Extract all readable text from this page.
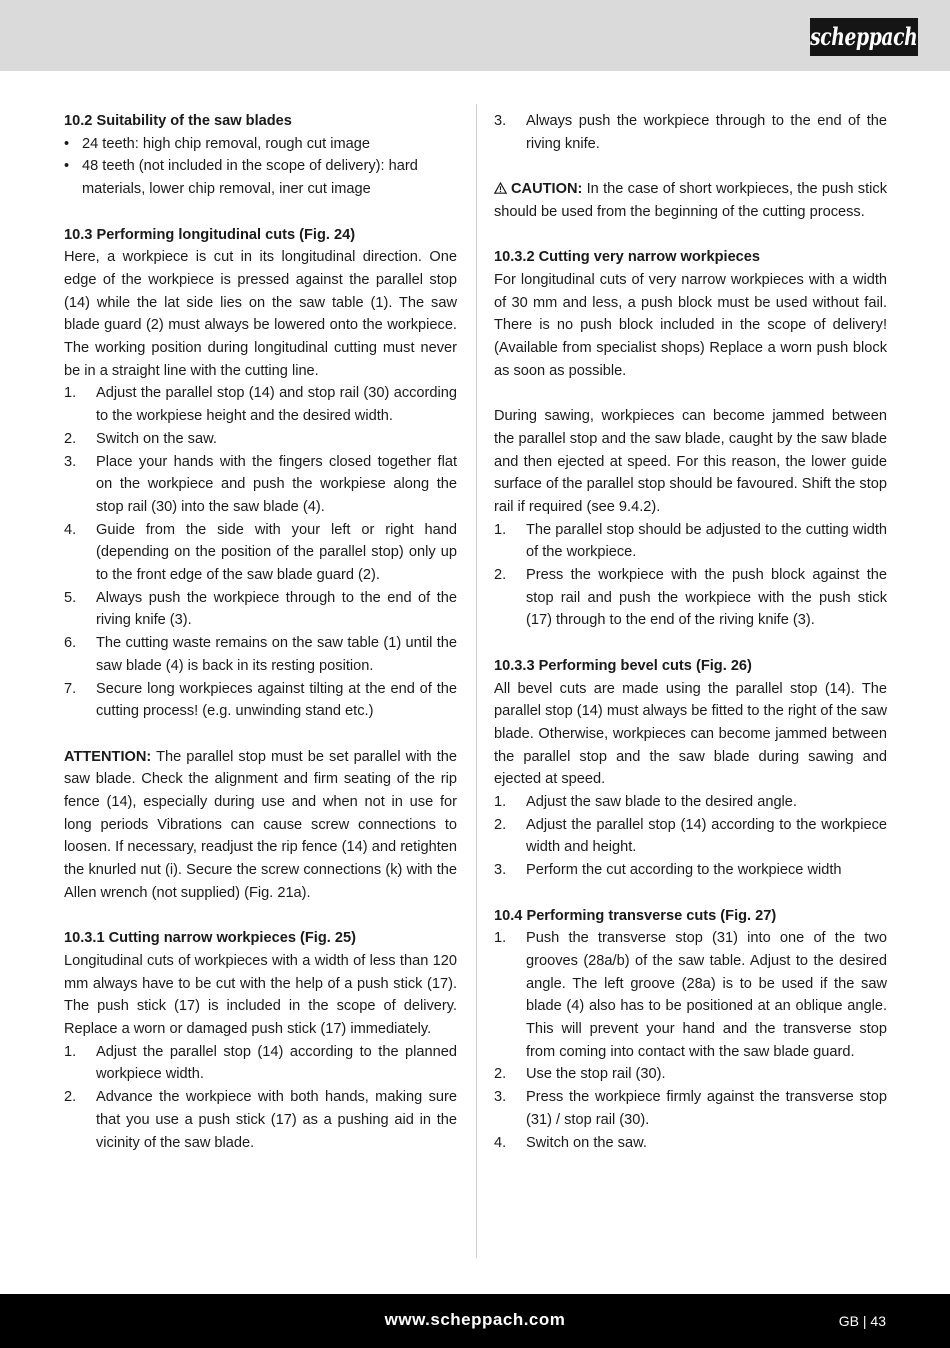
scheppach

10.2 Suitability of the saw blades

• 24 teeth: high chip removal, rough cut image
• 48 teeth (not included in the scope of delivery): hard materials, lower chip removal, iner cut image

10.3 Performing longitudinal cuts (Fig. 24)

Here, a workpiece is cut in its longitudinal direction. One edge of the workpiece is pressed against the parallel stop (14) while the lat side lies on the saw table (1). The saw blade guard (2) must always be lowered onto the workpiece. The working position during longitudinal cutting must never be in a straight line with the cutting line.

1. Adjust the parallel stop (14) and stop rail (30) according to the workpiese height and the desired width.
2. Switch on the saw.
3. Place your hands with the fingers closed together flat on the workpiece and push the workpiese along the stop rail (30) into the saw blade (4).
4. Guide from the side with your left or right hand (depending on the position of the parallel stop) only up to the front edge of the saw blade guard (2).
5. Always push the workpiece through to the end of the riving knife (3).
6. The cutting waste remains on the saw table (1) until the saw blade (4) is back in its resting position.
7. Secure long workpieces against tilting at the end of the cutting process! (e.g. unwinding stand etc.)

ATTENTION: The parallel stop must be set parallel with the saw blade. Check the alignment and firm seating of the rip fence (14), especially during use and when not in use for long periods Vibrations can cause screw connections to loosen. If necessary, readjust the rip fence (14) and retighten the knurled nut (i). Secure the screw connections (k) with the Allen wrench (not supplied) (Fig. 21a).

10.3.1 Cutting narrow workpieces (Fig. 25)

Longitudinal cuts of workpieces with a width of less than 120 mm always have to be cut with the help of a push stick (17). The push stick (17) is included in the scope of delivery. Replace a worn or damaged push stick (17) immediately.

1. Adjust the parallel stop (14) according to the planned workpiece width.
2. Advance the workpiece with both hands, making sure that you use a push stick (17) as a pushing aid in the vicinity of the saw blade.
3. Always push the workpiece through to the end of the riving knife.

CAUTION: In the case of short workpieces, the push stick should be used from the beginning of the cutting process.

10.3.2 Cutting very narrow workpieces

For longitudinal cuts of very narrow workpieces with a width of 30 mm and less, a push block must be used without fail. There is no push block included in the scope of delivery! (Available from specialist shops) Replace a worn push block as soon as possible.

During sawing, workpieces can become jammed between the parallel stop and the saw blade, caught by the saw blade and then ejected at speed. For this reason, the lower guide surface of the parallel stop should be favoured. Shift the stop rail if required (see 9.4.2).

1. The parallel stop should be adjusted to the cutting width of the workpiece.
2. Press the workpiece with the push block against the stop rail and push the workpiece with the push stick (17) through to the end of the riving knife (3).

10.3.3 Performing bevel cuts (Fig. 26)

All bevel cuts are made using the parallel stop (14). The parallel stop (14) must always be fitted to the right of the saw blade. Otherwise, workpieces can become jammed between the parallel stop and the saw blade during sawing and ejected at speed.

1. Adjust the saw blade to the desired angle.
2. Adjust the parallel stop (14) according to the workpiece width and height.
3. Perform the cut according to the workpiece width

10.4 Performing transverse cuts (Fig. 27)

1. Push the transverse stop (31) into one of the two grooves (28a/b) of the saw table. Adjust to the desired angle. The left groove (28a) is to be used if the saw blade (4) also has to be positioned at an oblique angle. This will prevent your hand and the transverse stop from coming into contact with the saw blade guard.
2. Use the stop rail (30).
3. Press the workpiece firmly against the transverse stop (31) / stop rail (30).
4. Switch on the saw.
www.scheppach.com	GB | 43
